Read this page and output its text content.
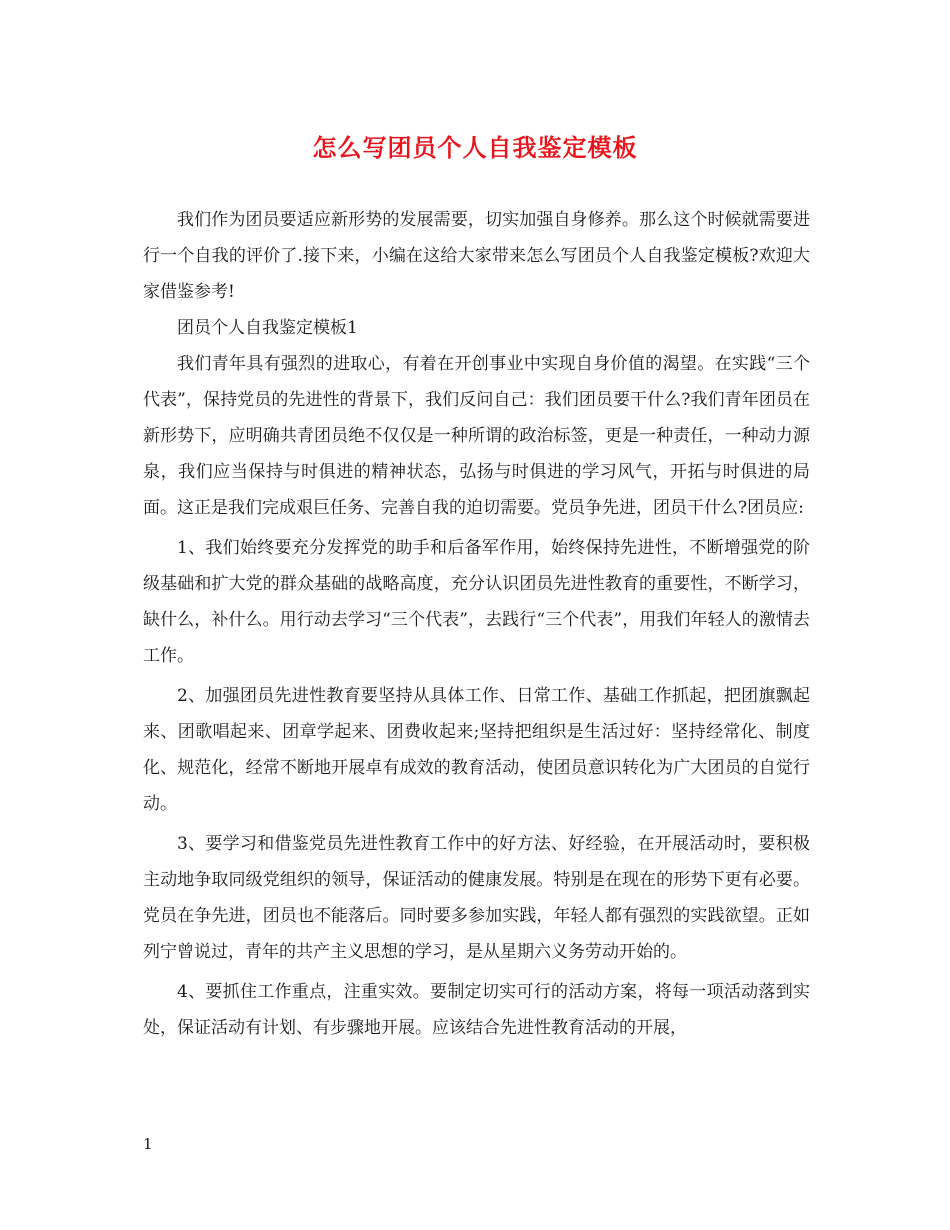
怎么写团员个人自我鉴定模板

我们作为团员要适应新形势的发展需要，切实加强自身修养。那么这个时候就需要进行一个自我的评价了.接下来，小编在这给大家带来怎么写团员个人自我鉴定模板?欢迎大家借鉴参考!

团员个人自我鉴定模板1

我们青年具有强烈的进取心，有着在开创事业中实现自身价值的渴望。在实践“三个代表”，保持党员的先进性的背景下，我们反问自己：我们团员要干什么?我们青年团员在新形势下，应明确共青团员绝不仅仅是一种所谓的政治标签，更是一种责任，一种动力源泉，我们应当保持与时俱进的精神状态，弘扬与时俱进的学习风气，开拓与时俱进的局面。这正是我们完成艰巨任务、完善自我的迫切需要。党员争先进，团员干什么?团员应:

1、我们始终要充分发挥党的助手和后备军作用，始终保持先进性，不断增强党的阶级基础和扩大党的群众基础的战略高度，充分认识团员先进性教育的重要性，不断学习，缺什么，补什么。用行动去学习“三个代表”，去践行“三个代表”，用我们年轻人的激情去工作。

2、加强团员先进性教育要坚持从具体工作、日常工作、基础工作抓起，把团旗飘起来、团歌唱起来、团章学起来、团费收起来;坚持把组织是生活过好：坚持经常化、制度化、规范化，经常不断地开展卓有成效的教育活动，使团员意识转化为广大团员的自觉行动。

3、要学习和借鉴党员先进性教育工作中的好方法、好经验，在开展活动时，要积极主动地争取同级党组织的领导，保证活动的健康发展。特别是在现在的形势下更有必要。党员在争先进，团员也不能落后。同时要多参加实践，年轻人都有强烈的实践欲望。正如列宁曾说过，青年的共产主义思想的学习，是从星期六义务劳动开始的。

4、要抓住工作重点，注重实效。要制定切实可行的活动方案，将每一项活动落到实处，保证活动有计划、有步骤地开展。应该结合先进性教育活动的开展，

1
